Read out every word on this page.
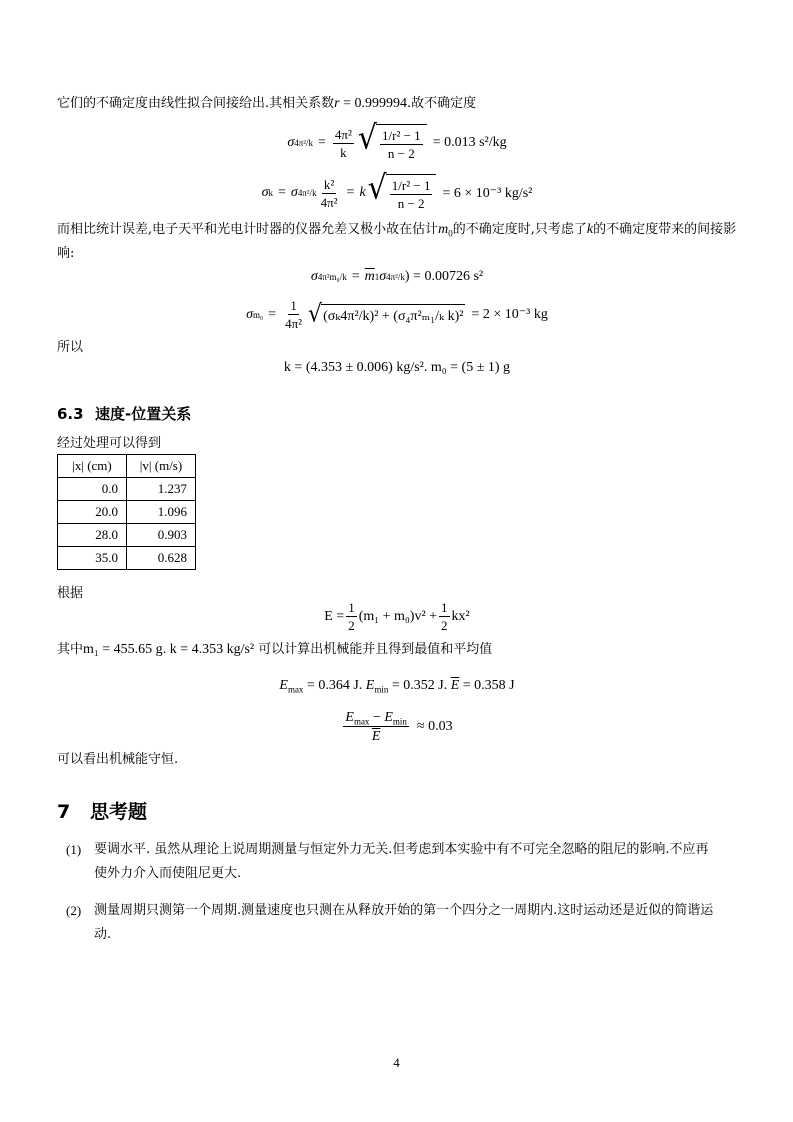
它们的不确定度由线性拟合间接给出.其相关系数r = 0.999994.故不确定度
σ $4\pi^2/k = \frac{\text{4π²}}{k}$ √ $\frac{\text{1/r² − 1}}{n - 2} = 0.013$ s²/kg
σ k = σ $4\pi^2/k \frac{\text{k²}}{\text{4π²}} = k$ √ $\frac{\text{1/r² − 1}}{n - 2} = 6 \times 10^{-3}$ kg/s²
而相比统计误差,电子天平和光电计时器的仪器允差又极小故在估计$m_0$的不确定度时,只考虑了k的不确定度带来的间接影响:
σ $4\pi^2m_0/k = \overline{m}$ 1 σ 4π²/k ) = 0.00726 s²
σ $m_0 = \frac{1}{\text{4π²}}$ √ (σₖ4π²/k)² + (σ₄π²ₘ₁/ₖ k)² = 2 × 10⁻³ kg
所以
k = (4.353 ± 0.006) kg/s². m₀ = (5 ± 1) g
6.3 速度-位置关系
经过处理可以得到
|x| (cm)	|v| (m/s)
0.0	1.237
20.0	1.096
28.0	0.903
35.0	0.628
根据
$E = \frac{1}{2} (m_1 + m_0)v^2 + \frac{1}{2} kx^2$
其中m₁ = 455.65 g. k = 4.353 kg/s² 可以计算出机械能并且得到最值和平均值
$E_{max} = 0.364$ J. $E_{min} = 0.352$ J. $\overline{E} = 0.358$ J
$\frac{E_{max} - E_{min}}{E} \approx 0.03$
可以看出机械能守恒.
7 思考题
(1) 要调水平. 虽然从理论上说周期测量与恒定外力无关.但考虑到本实验中有不可完全忽略的阻尼的影响.不应再使外力介入而使阻尼更大.
(2) 测量周期只测第一个周期.测量速度也只测在从释放开始的第一个四分之一周期内.这时运动还是近似的简谐运动.
4
